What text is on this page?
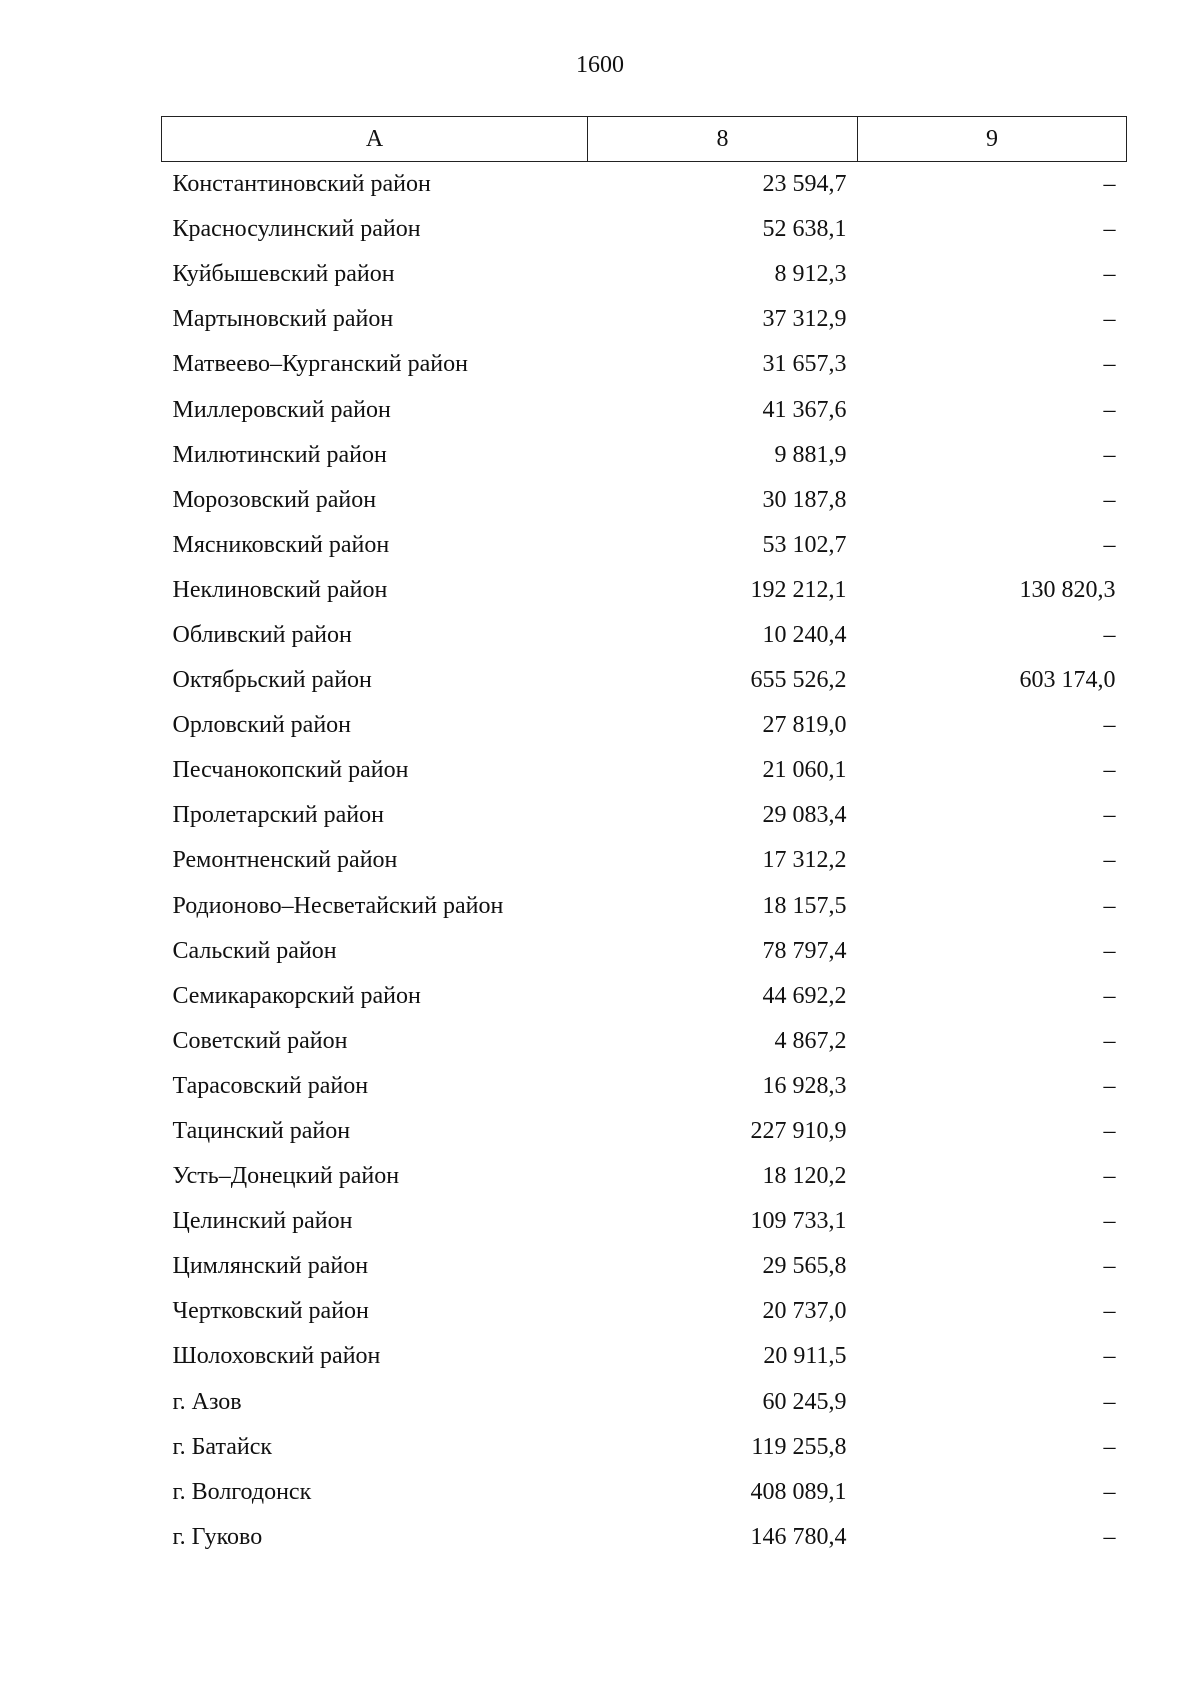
1600
А	8	9
Константиновский район	23 594,7	–
Красносулинский район	52 638,1	–
Куйбышевский район	8 912,3	–
Мартыновский район	37 312,9	–
Матвеево–Курганский район	31 657,3	–
Миллеровский район	41 367,6	–
Милютинский район	9 881,9	–
Морозовский район	30 187,8	–
Мясниковский район	53 102,7	–
Неклиновский район	192 212,1	130 820,3
Обливский район	10 240,4	–
Октябрьский район	655 526,2	603 174,0
Орловский район	27 819,0	–
Песчанокопский район	21 060,1	–
Пролетарский район	29 083,4	–
Ремонтненский район	17 312,2	–
Родионово–Несветайский район	18 157,5	–
Сальский район	78 797,4	–
Семикаракорский район	44 692,2	–
Советский район	4 867,2	–
Тарасовский район	16 928,3	–
Тацинский район	227 910,9	–
Усть–Донецкий район	18 120,2	–
Целинский район	109 733,1	–
Цимлянский район	29 565,8	–
Чертковский район	20 737,0	–
Шолоховский район	20 911,5	–
г. Азов	60 245,9	–
г. Батайск	119 255,8	–
г. Волгодонск	408 089,1	–
г. Гуково	146 780,4	–
